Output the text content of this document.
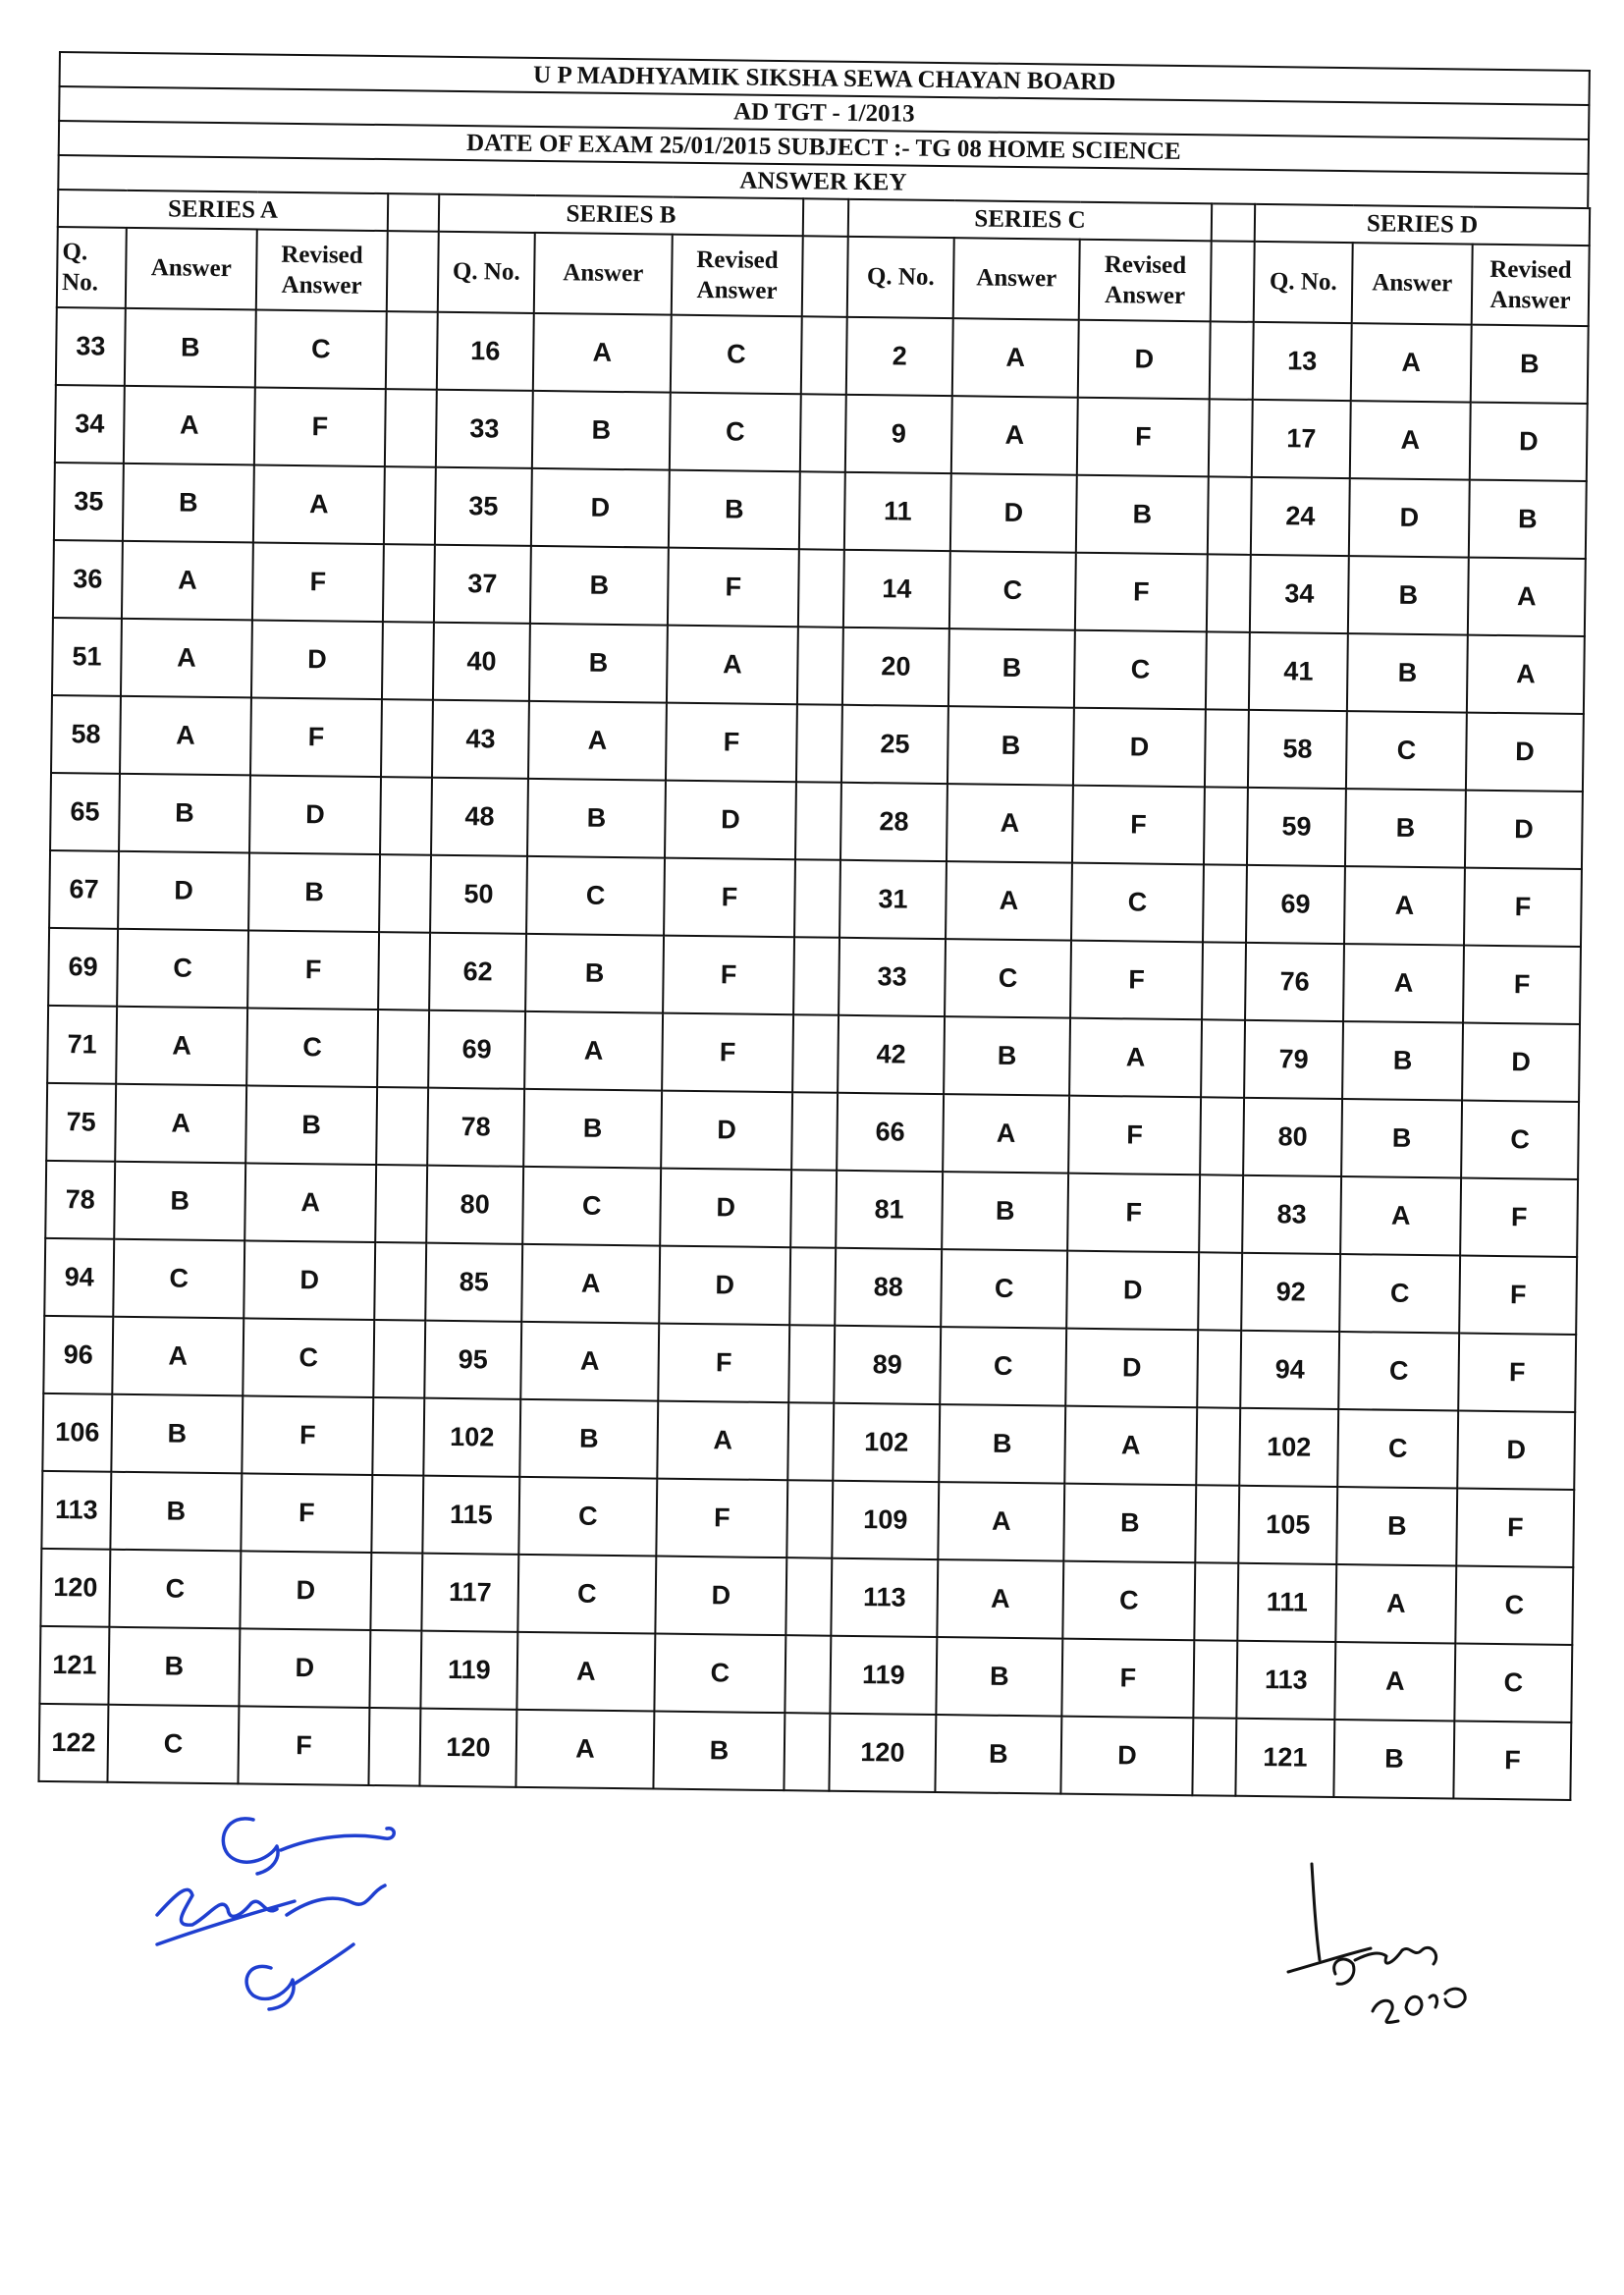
U P MADHYAMIK SIKSHA SEWA CHAYAN BOARD
AD TGT - 1/2013
DATE OF EXAM 25/01/2015 SUBJECT :- TG 08 HOME SCIENCE
ANSWER KEY
SERIES A				SERIES B				SERIES C				SERIES D		
Q. No.	Answer	Revised Answer		Q. No.	Answer	Revised Answer		Q. No.	Answer	Revised Answer		Q. No.	Answer	Revised Answer
33	B	C		16	A	C		2	A	D		13	A	B
34	A	F		33	B	C		9	A	F		17	A	D
35	B	A		35	D	B		11	D	B		24	D	B
36	A	F		37	B	F		14	C	F		34	B	A
51	A	D		40	B	A		20	B	C		41	B	A
58	A	F		43	A	F		25	B	D		58	C	D
65	B	D		48	B	D		28	A	F		59	B	D
67	D	B		50	C	F		31	A	C		69	A	F
69	C	F		62	B	F		33	C	F		76	A	F
71	A	C		69	A	F		42	B	A		79	B	D
75	A	B		78	B	D		66	A	F		80	B	C
78	B	A		80	C	D		81	B	F		83	A	F
94	C	D		85	A	D		88	C	D		92	C	F
96	A	C		95	A	F		89	C	D		94	C	F
106	B	F		102	B	A		102	B	A		102	C	D
113	B	F		115	C	F		109	A	B		105	B	F
120	C	D		117	C	D		113	A	C		111	A	C
121	B	D		119	A	C		119	B	F		113	A	C
122	C	F		120	A	B		120	B	D		121	B	F
